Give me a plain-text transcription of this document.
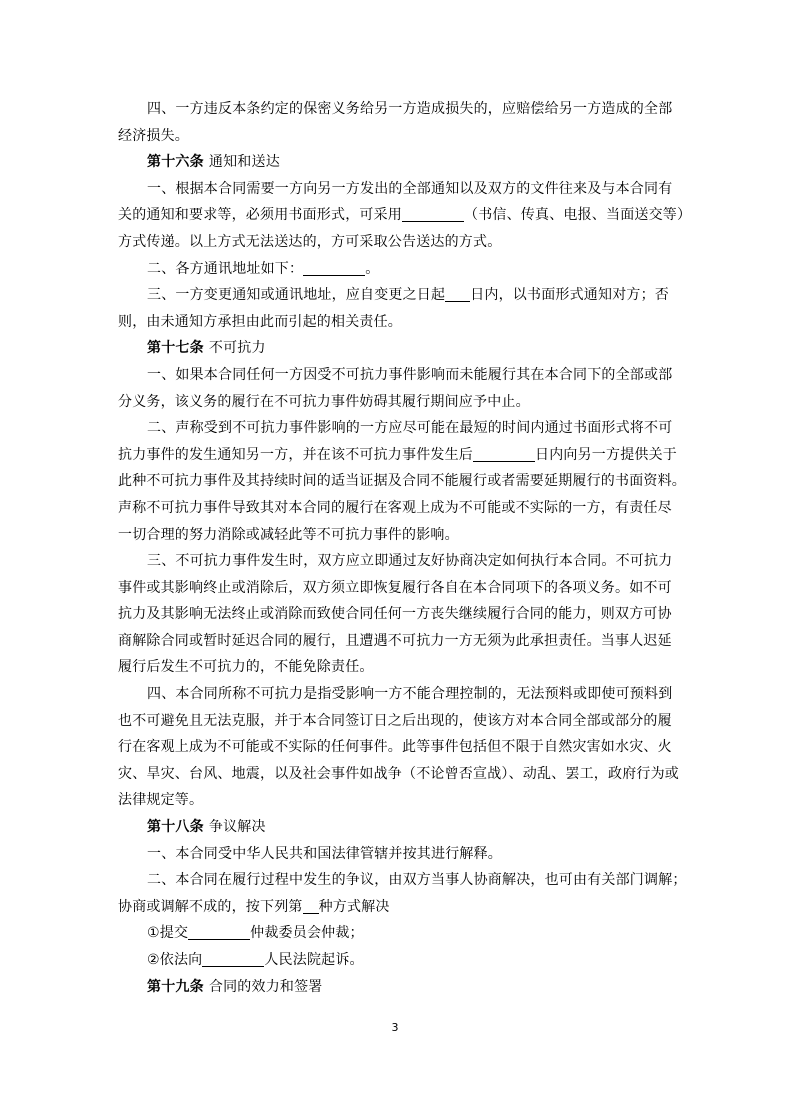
四、一方违反本条约定的保密义务给另一方造成损失的，应赔偿给另一方造成的全部

经济损失。

第十六条 通知和送达

一、根据本合同需要一方向另一方发出的全部通知以及双方的文件往来及与本合同有

关的通知和要求等，必须用书面形式，可采用	（书信、传真、电报、当面送交等）

方式传递。以上方式无法送达的，方可采取公告送达的方式。

二、各方通讯地址如下：	。

三、一方变更通知或通讯地址，应自变更之日起 日内，以书面形式通知对方；否

则，由未通知方承担由此而引起的相关责任。

第十七条 不可抗力

一、如果本合同任何一方因受不可抗力事件影响而未能履行其在本合同下的全部或部

分义务，该义务的履行在不可抗力事件妨碍其履行期间应予中止。

二、声称受到不可抗力事件影响的一方应尽可能在最短的时间内通过书面形式将不可

抗力事件的发生通知另一方，并在该不可抗力事件发生后	日内向另一方提供关于

此种不可抗力事件及其持续时间的适当证据及合同不能履行或者需要延期履行的书面资料。

声称不可抗力事件导致其对本合同的履行在客观上成为不可能或不实际的一方，有责任尽

一切合理的努力消除或减轻此等不可抗力事件的影响。

三、不可抗力事件发生时，双方应立即通过友好协商决定如何执行本合同。不可抗力

事件或其影响终止或消除后，双方须立即恢复履行各自在本合同项下的各项义务。如不可

抗力及其影响无法终止或消除而致使合同任何一方丧失继续履行合同的能力，则双方可协

商解除合同或暂时延迟合同的履行，且遭遇不可抗力一方无须为此承担责任。当事人迟延

履行后发生不可抗力的，不能免除责任。

四、本合同所称不可抗力是指受影响一方不能合理控制的，无法预料或即使可预料到

也不可避免且无法克服，并于本合同签订日之后出现的，使该方对本合同全部或部分的履

行在客观上成为不可能或不实际的任何事件。此等事件包括但不限于自然灾害如水灾、火

灾、旱灾、台风、地震，以及社会事件如战争（不论曾否宣战）、动乱、罢工，政府行为或

法律规定等。

第十八条 争议解决

一、本合同受中华人民共和国法律管辖并按其进行解释。

二、本合同在履行过程中发生的争议，由双方当事人协商解决，也可由有关部门调解；

协商或调解不成的，按下列第 种方式解决

①提交	仲裁委员会仲裁；

②依法向	人民法院起诉。

第十九条 合同的效力和签署

3
